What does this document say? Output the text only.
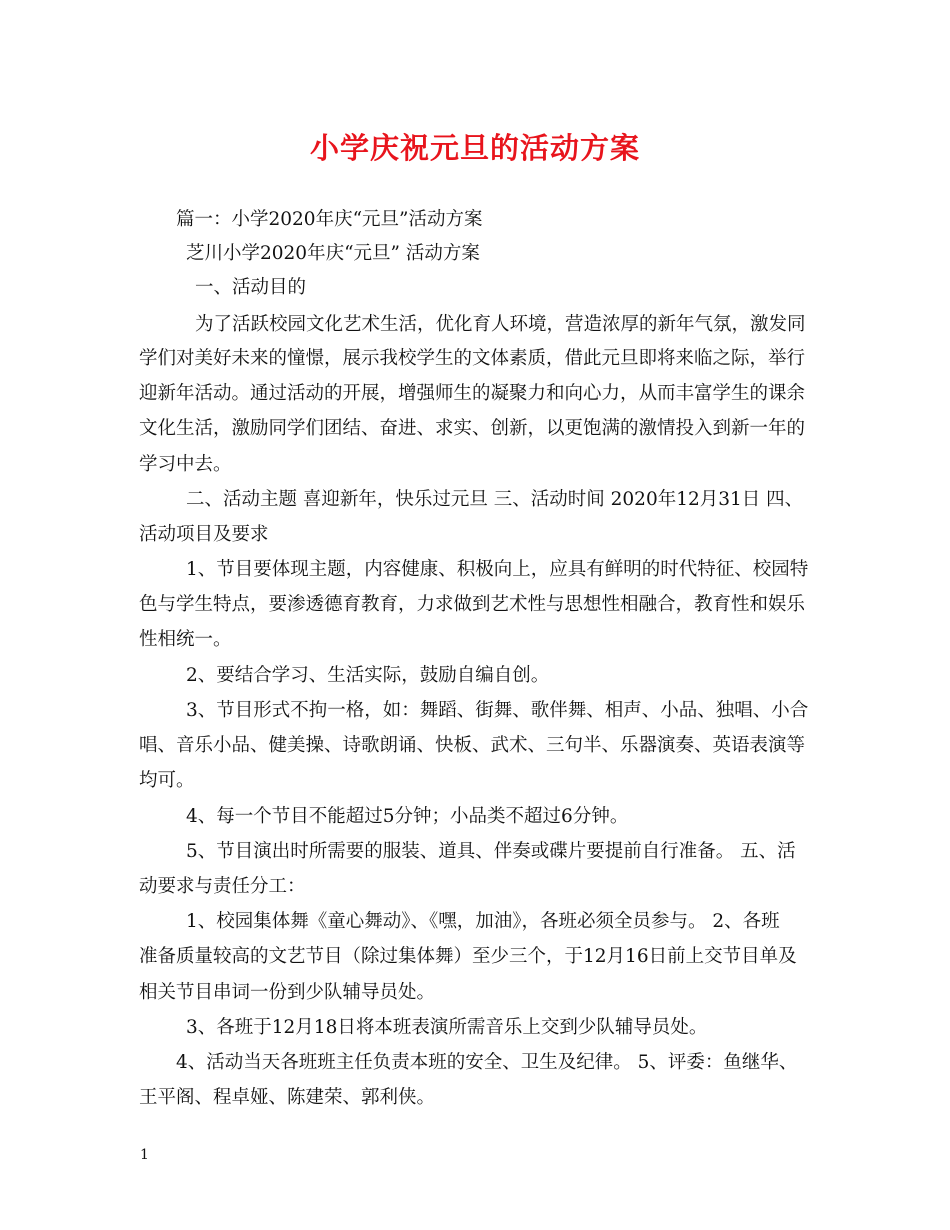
小学庆祝元旦的活动方案
篇一：小学2020年庆“元旦”活动方案
芝川小学2020年庆“元旦” 活动方案
一、活动目的
为了活跃校园文化艺术生活，优化育人环境，营造浓厚的新年气氛，激发同
学们对美好未来的憧憬，展示我校学生的文体素质，借此元旦即将来临之际，举行
迎新年活动。通过活动的开展，增强师生的凝聚力和向心力，从而丰富学生的课余
文化生活，激励同学们团结、奋进、求实、创新，以更饱满的激情投入到新一年的
学习中去。
二、活动主题 喜迎新年，快乐过元旦 三、活动时间 2020年12月31日 四、
活动项目及要求
1、节目要体现主题，内容健康、积极向上，应具有鲜明的时代特征、校园特
色与学生特点，要渗透德育教育，力求做到艺术性与思想性相融合，教育性和娱乐
性相统一。
2、要结合学习、生活实际，鼓励自编自创。
3、节目形式不拘一格，如：舞蹈、街舞、歌伴舞、相声、小品、独唱、小合
唱、音乐小品、健美操、诗歌朗诵、快板、武术、三句半、乐器演奏、英语表演等
均可。
4、每一个节目不能超过5分钟；小品类不超过6分钟。
5、节目演出时所需要的服装、道具、伴奏或碟片要提前自行准备。 五、活
动要求与责任分工：
1、校园集体舞《童心舞动》、《嘿，加油》，各班必须全员参与。 2、各班
准备质量较高的文艺节目（除过集体舞）至少三个，于12月16日前上交节目单及
相关节目串词一份到少队辅导员处。
3、各班于12月18日将本班表演所需音乐上交到少队辅导员处。
4、活动当天各班班主任负责本班的安全、卫生及纪律。 5、评委：鱼继华、
王平阁、程卓娅、陈建荣、郭利侠。
1
